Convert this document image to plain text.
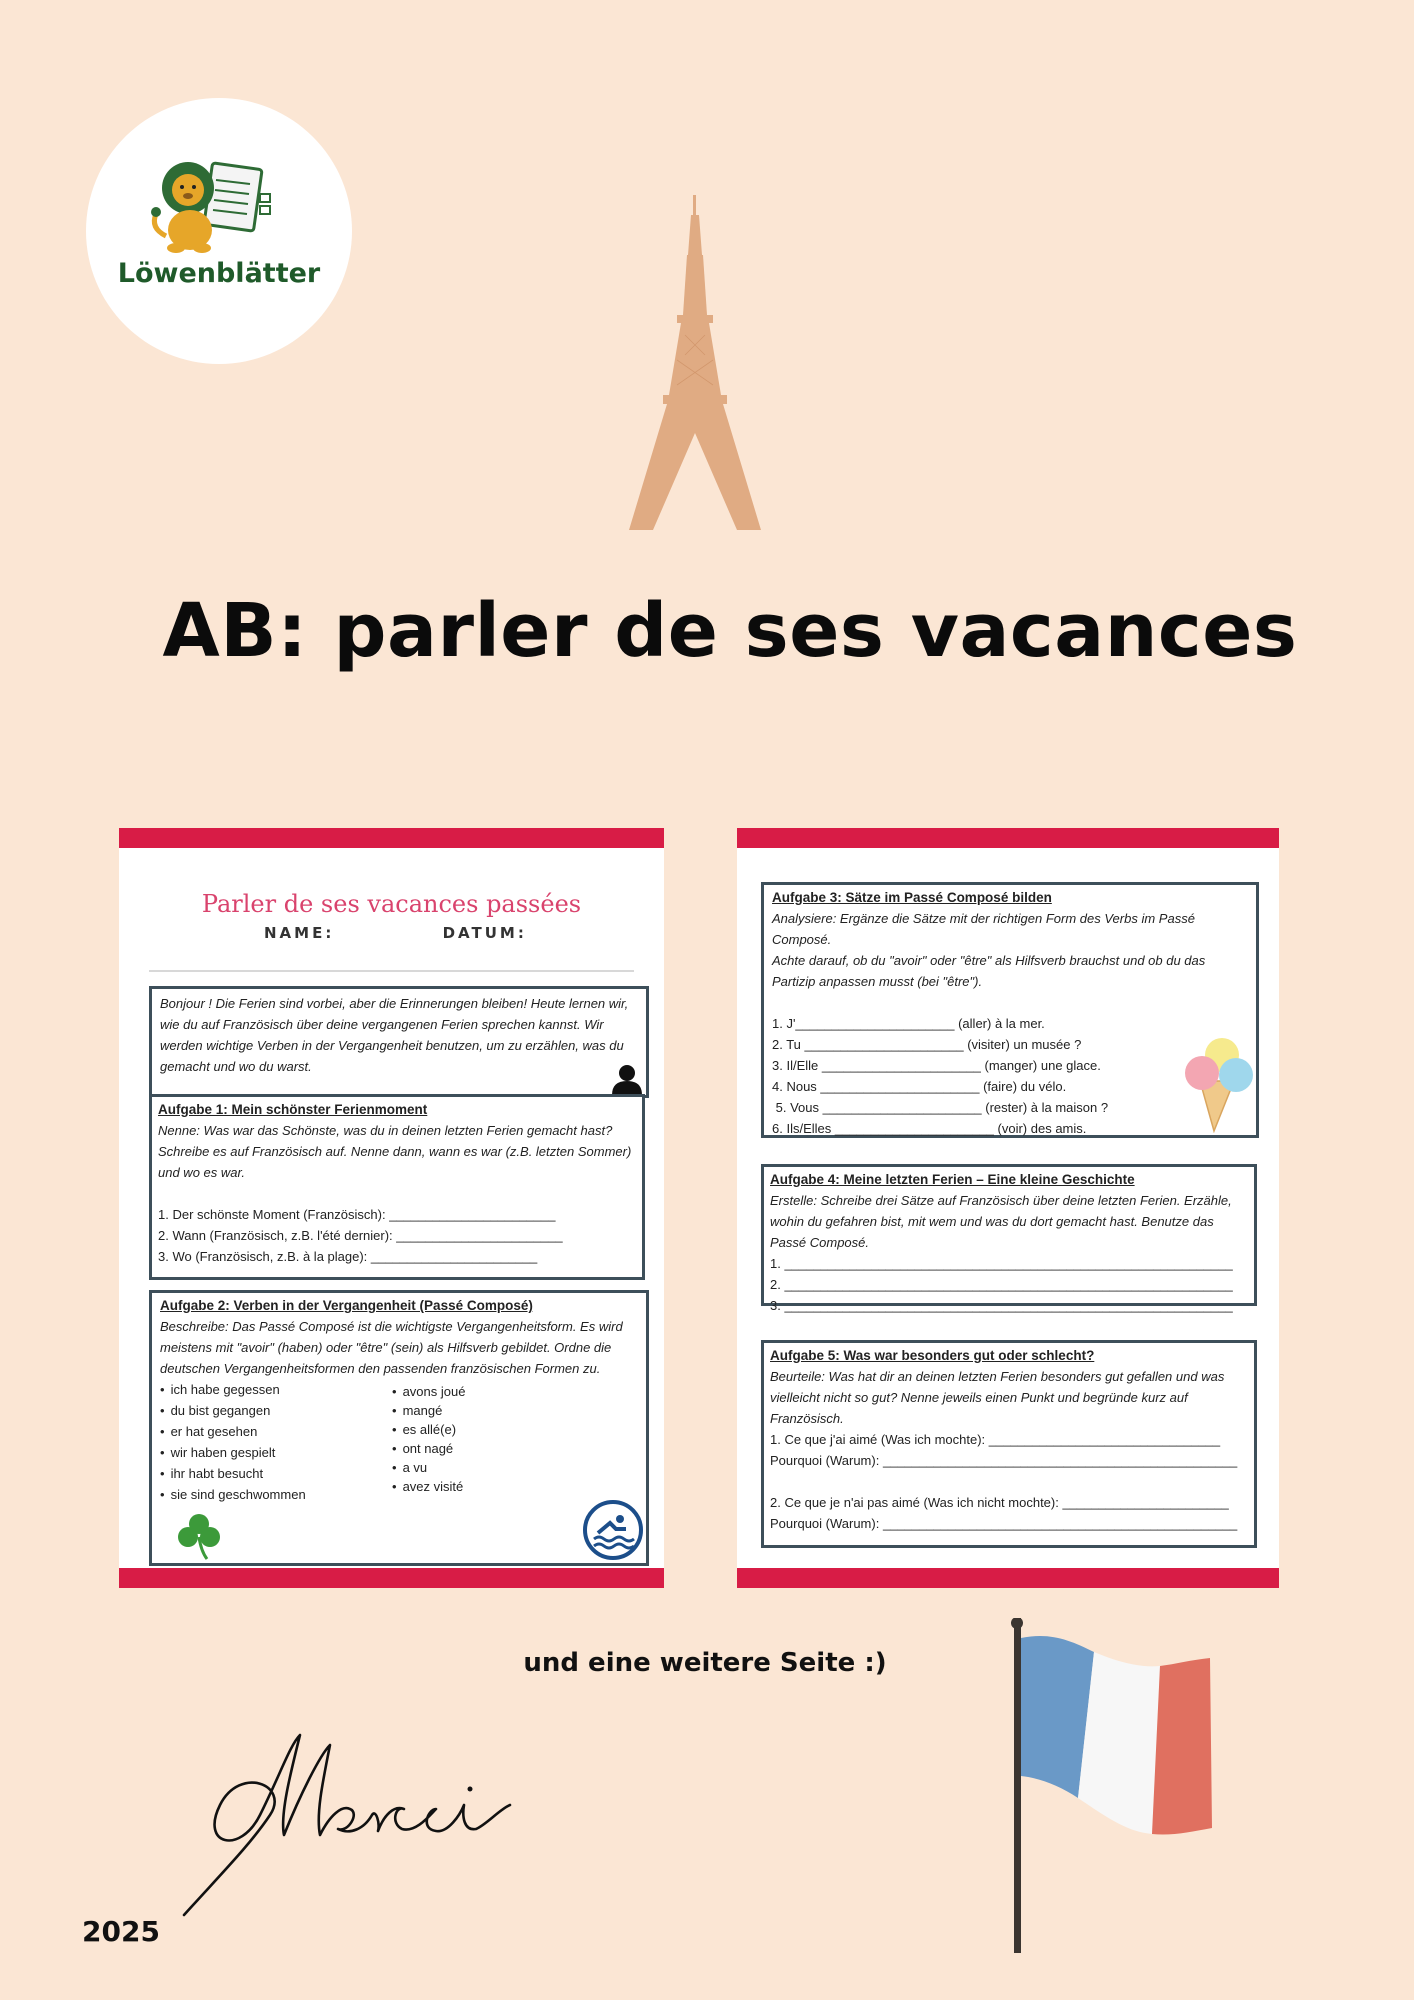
Löwenblätter
AB: parler de ses vacances
Parler de ses vacances passées
NAME:	DATUM:
Bonjour ! Die Ferien sind vorbei, aber die Erinnerungen bleiben! Heute lernen wir,
wie du auf Französisch über deine vergangenen Ferien sprechen kannst. Wir
werden wichtige Verben in der Vergangenheit benutzen, um zu erzählen, was du
gemacht und wo du warst.
Aufgabe 1: Mein schönster Ferienmoment
Nenne: Was war das Schönste, was du in deinen letzten Ferien gemacht hast?
Schreibe es auf Französisch auf. Nenne dann, wann es war (z.B. letzten Sommer)
und wo es war.
1. Der schönste Moment (Französisch): _______________________
2. Wann (Französisch, z.B. l'été dernier): _______________________
3. Wo (Französisch, z.B. à la plage): _______________________
Aufgabe 2: Verben in der Vergangenheit (Passé Composé)
Beschreibe: Das Passé Composé ist die wichtigste Vergangenheitsform. Es wird
meistens mit "avoir" (haben) oder "être" (sein) als Hilfsverb gebildet. Ordne die
deutschen Vergangenheitsformen den passenden französischen Formen zu.
• ich habe gegessen
• du bist gegangen
• er hat gesehen
• wir haben gespielt
• ihr habt besucht
• sie sind geschwommen
• avons joué
• mangé
• es allé(e)
• ont nagé
• a vu
• avez visité
Aufgabe 3: Sätze im Passé Composé bilden
Analysiere: Ergänze die Sätze mit der richtigen Form des Verbs im Passé Composé.
Achte darauf, ob du "avoir" oder "être" als Hilfsverb brauchst und ob du das
Partizip anpassen musst (bei "être").
1. J'______________________ (aller) à la mer.
2. Tu ______________________ (visiter) un musée ?
3. Il/Elle ______________________ (manger) une glace.
4. Nous ______________________ (faire) du vélo.
5. Vous ______________________ (rester) à la maison ?
6. Ils/Elles ______________________ (voir) des amis.
Aufgabe 4: Meine letzten Ferien – Eine kleine Geschichte
Erstelle: Schreibe drei Sätze auf Französisch über deine letzten Ferien. Erzähle,
wohin du gefahren bist, mit wem und was du dort gemacht hast. Benutze das
Passé Composé.
1. ______________________________________________________________
2. ______________________________________________________________
3. ______________________________________________________________
Aufgabe 5: Was war besonders gut oder schlecht?
Beurteile: Was hat dir an deinen letzten Ferien besonders gut gefallen und was
vielleicht nicht so gut? Nenne jeweils einen Punkt und begründe kurz auf
Französisch.
1. Ce que j'ai aimé (Was ich mochte): ________________________________
Pourquoi (Warum): _________________________________________________
2. Ce que je n'ai pas aimé (Was ich nicht mochte): _______________________
Pourquoi (Warum): _________________________________________________
und eine weitere Seite :)
2025
